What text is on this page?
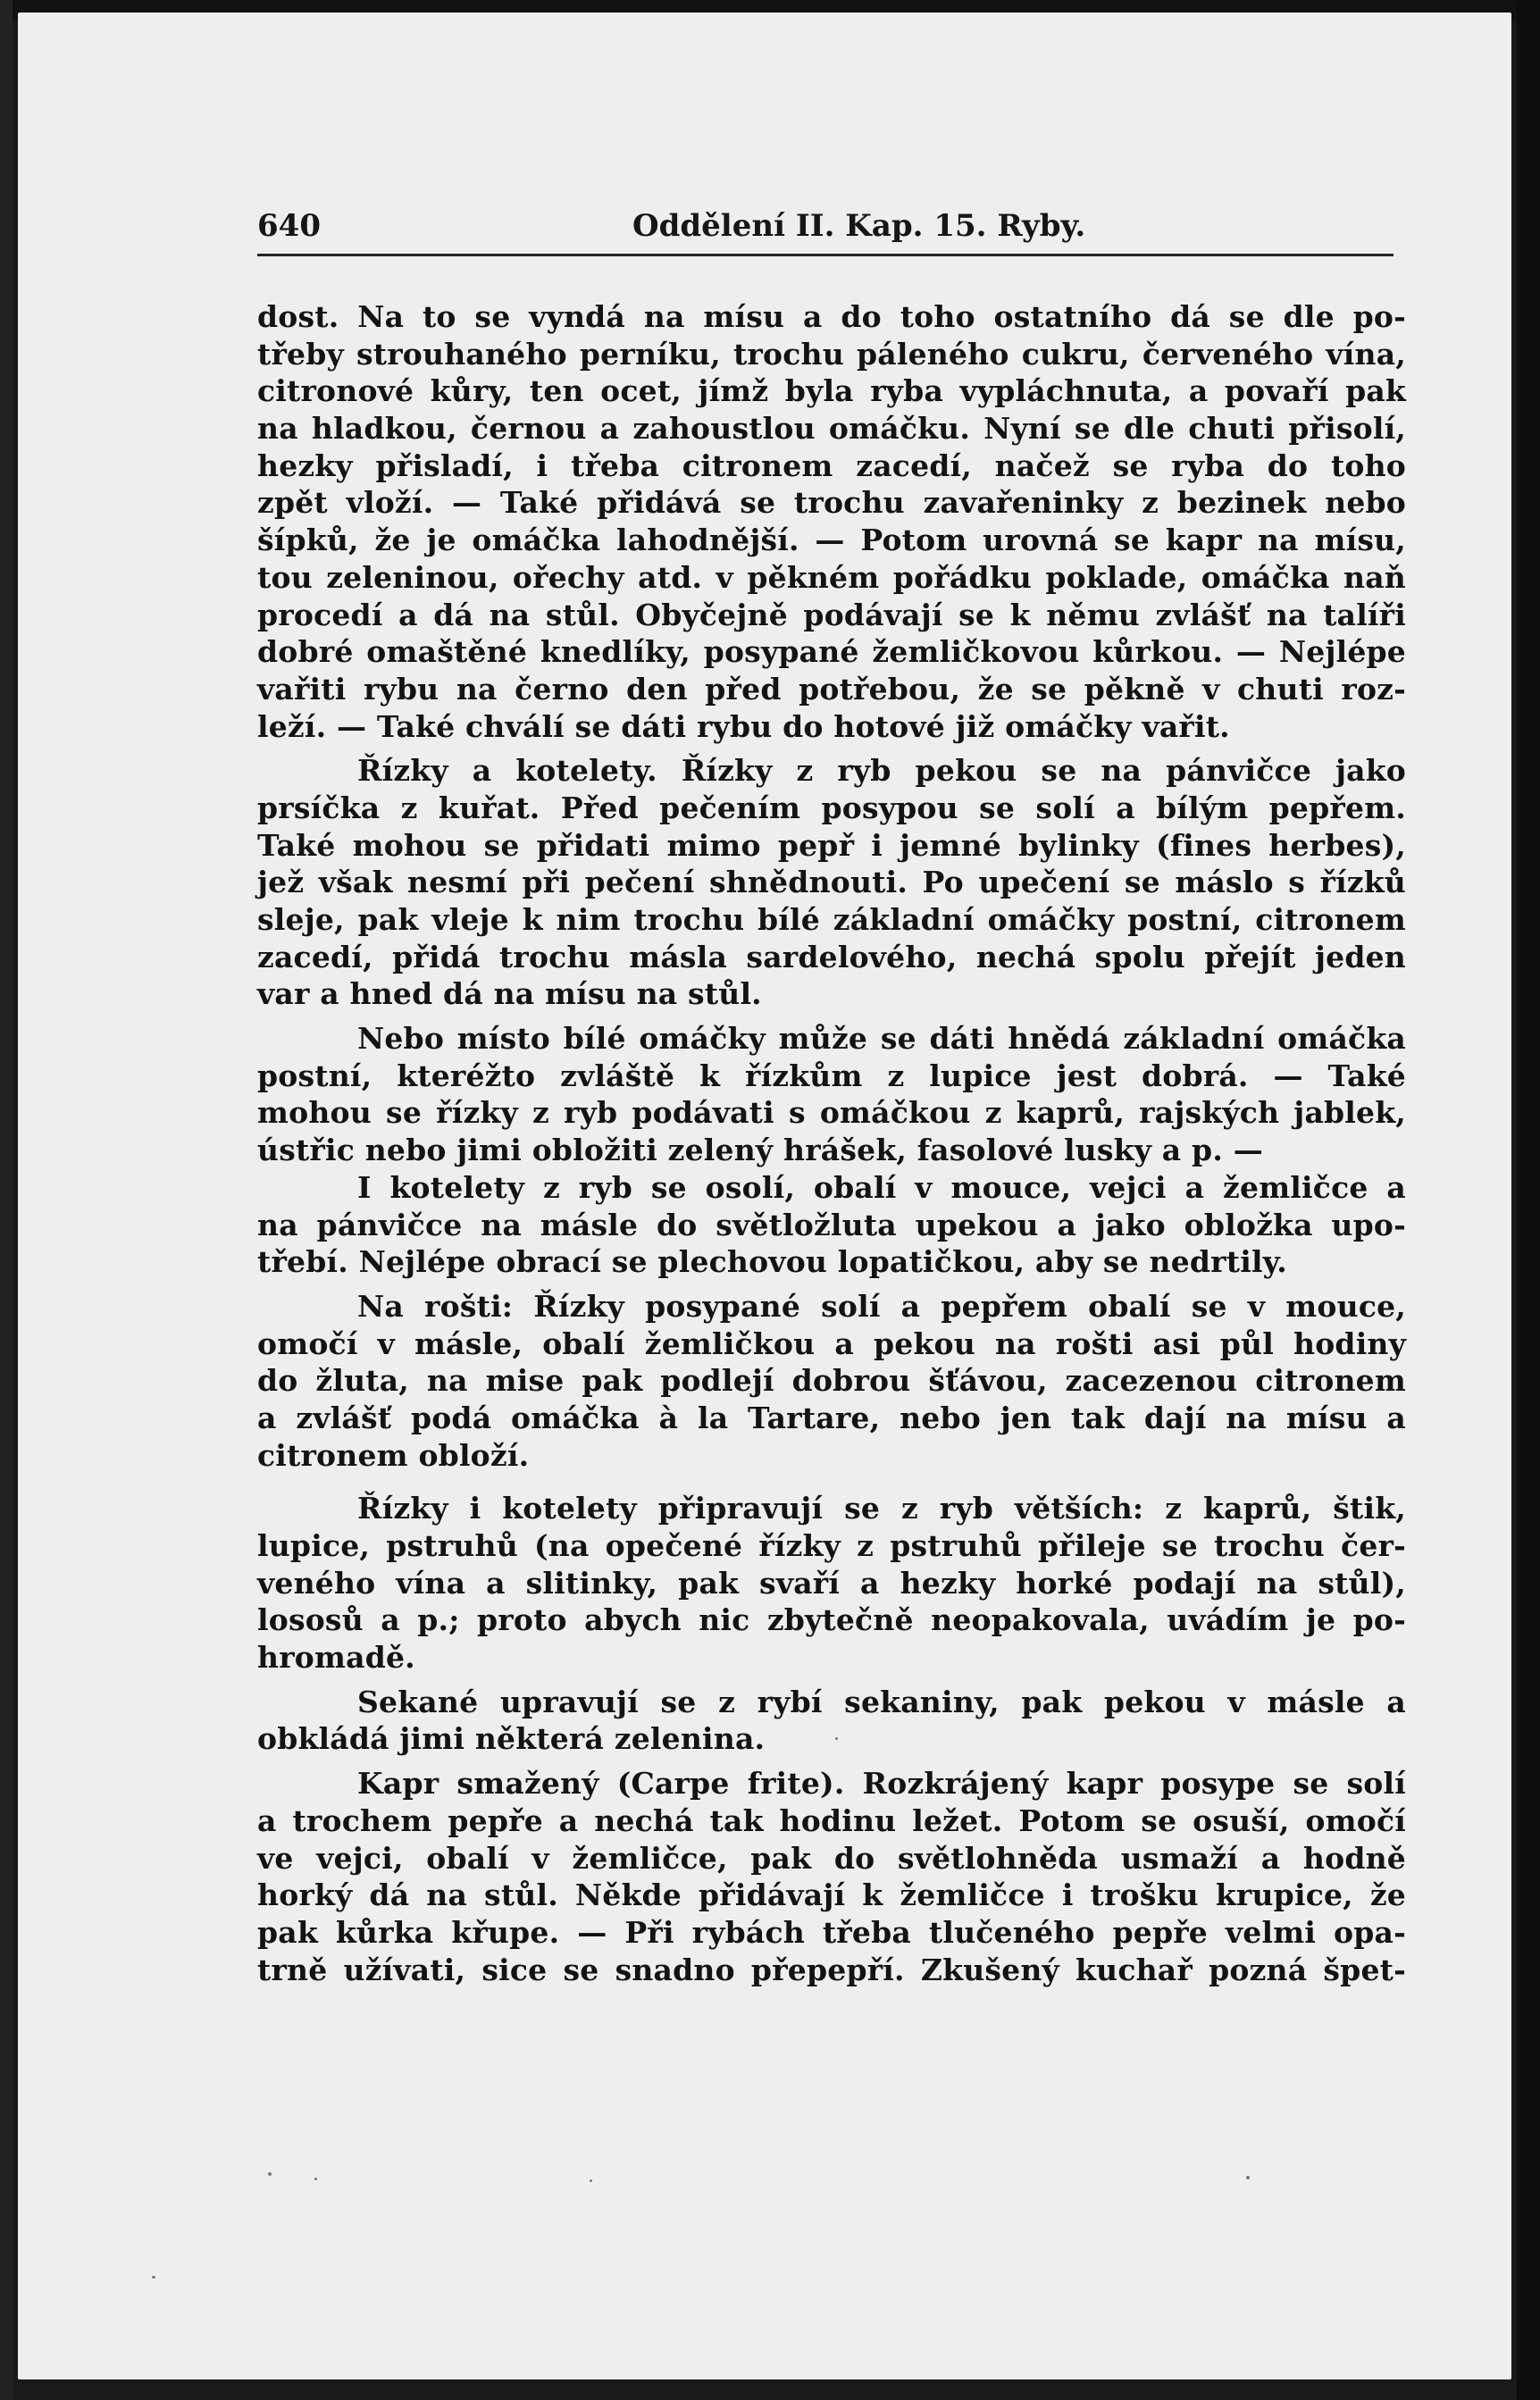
640	Oddělení II. Kap. 15. Ryby.
dost. Na to se vyndá na mísu a do toho ostatního dá se dle po-
třeby strouhaného perníku, trochu páleného cukru, červeného vína,
citronové kůry, ten ocet, jímž byla ryba vypláchnuta, a povaří pak
na hladkou, černou a zahoustlou omáčku. Nyní se dle chuti přisolí,
hezky přisladí, i třeba citronem zacedí, načež se ryba do toho
zpět vloží. — Také přidává se trochu zavařeninky z bezinek nebo
šípků, že je omáčka lahodnější. — Potom urovná se kapr na mísu,
tou zeleninou, ořechy atd. v pěkném pořádku poklade, omáčka naň
procedí a dá na stůl. Obyčejně podávají se k němu zvlášť na talíři
dobré omaštěné knedlíky, posypané žemličkovou kůrkou. — Nejlépe
vařiti rybu na černo den před potřebou, že se pěkně v chuti roz-
leží. — Také chválí se dáti rybu do hotové již omáčky vařit.
Řízky a kotelety. Řízky z ryb pekou se na pánvičce jako
prsíčka z kuřat. Před pečením posypou se solí a bílým pepřem.
Také mohou se přidati mimo pepř i jemné bylinky (fines herbes),
jež však nesmí při pečení shnědnouti. Po upečení se máslo s řízků
sleje, pak vleje k nim trochu bílé základní omáčky postní, citronem
zacedí, přidá trochu másla sardelového, nechá spolu přejít jeden
var a hned dá na mísu na stůl.
Nebo místo bílé omáčky může se dáti hnědá základní omáčka
postní, kteréžto zvláště k řízkům z lupice jest dobrá. — Také
mohou se řízky z ryb podávati s omáčkou z kaprů, rajských jablek,
ústřic nebo jimi obložiti zelený hrášek, fasolové lusky a p. —
I kotelety z ryb se osolí, obalí v mouce, vejci a žemličce a
na pánvičce na másle do světložluta upekou a jako obložka upo-
třebí. Nejlépe obrací se plechovou lopatičkou, aby se nedrtily.
Na rošti: Řízky posypané solí a pepřem obalí se v mouce,
omočí v másle, obalí žemličkou a pekou na rošti asi půl hodiny
do žluta, na mise pak podlejí dobrou šťávou, zacezenou citronem
a zvlášť podá omáčka à la Tartare, nebo jen tak dají na mísu a
citronem obloží.
Řízky i kotelety připravují se z ryb větších: z kaprů, štik,
lupice, pstruhů (na opečené řízky z pstruhů přileje se trochu čer-
veného vína a slitinky, pak svaří a hezky horké podají na stůl),
lososů a p.; proto abych nic zbytečně neopakovala, uvádím je po-
hromadě.
Sekané upravují se z rybí sekaniny, pak pekou v másle a
obkládá jimi některá zelenina.
Kapr smažený (Carpe frite). Rozkrájený kapr posype se solí
a trochem pepře a nechá tak hodinu ležet. Potom se osuší, omočí
ve vejci, obalí v žemličce, pak do světlohněda usmaží a hodně
horký dá na stůl. Někde přidávají k žemličce i trošku krupice, že
pak kůrka křupe. — Při rybách třeba tlučeného pepře velmi opa-
trně užívati, sice se snadno přepepří. Zkušený kuchař pozná špet-
